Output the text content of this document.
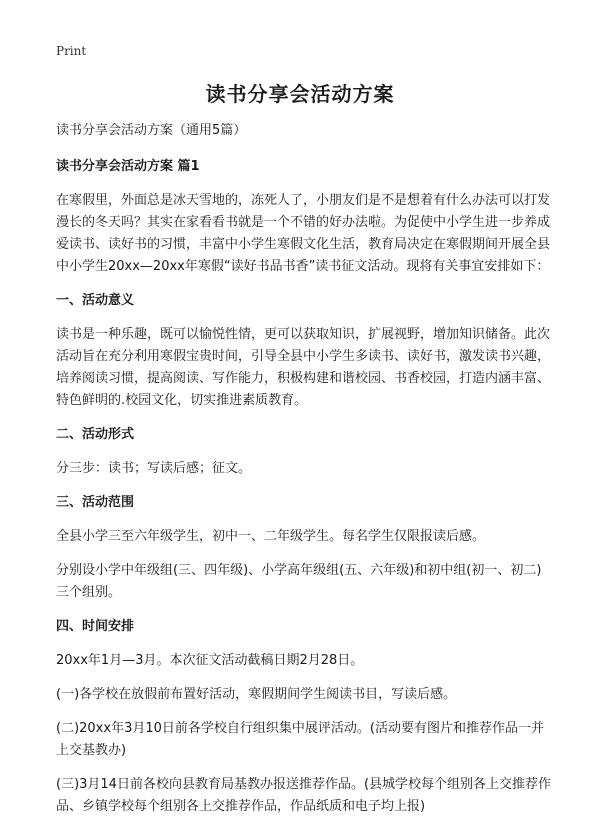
Print
读书分享会活动方案

读书分享会活动方案（通用5篇）

读书分享会活动方案 篇1

在寒假里，外面总是冰天雪地的，冻死人了，小朋友们是不是想着有什么办法可以打发漫长的冬天吗？其实在家看看书就是一个不错的好办法啦。为促使中小学生进一步养成爱读书、读好书的习惯，丰富中小学生寒假文化生活，教育局决定在寒假期间开展全县中小学生20xx—20xx年寒假“读好书品书香”读书征文活动。现将有关事宜安排如下：

一、活动意义

读书是一种乐趣，既可以愉悦性情，更可以获取知识，扩展视野，增加知识储备。此次活动旨在充分利用寒假宝贵时间，引导全县中小学生多读书、读好书，激发读书兴趣，培养阅读习惯，提高阅读、写作能力，积极构建和谐校园、书香校园，打造内涵丰富、特色鲜明的.校园文化，切实推进素质教育。

二、活动形式

分三步：读书；写读后感；征文。

三、活动范围

全县小学三至六年级学生，初中一、二年级学生。每名学生仅限报读后感。

分别设小学中年级组(三、四年级)、小学高年级组(五、六年级)和初中组(初一、初二)三个组别。

四、时间安排

20xx年1月—3月。本次征文活动截稿日期2月28日。

(一)各学校在放假前布置好活动，寒假期间学生阅读书目，写读后感。

(二)20xx年3月10日前各学校自行组织集中展评活动。(活动要有图片和推荐作品一并上交基教办)

(三)3月14日前各校向县教育局基教办报送推荐作品。(县城学校每个组别各上交推荐作品、乡镇学校每个组别各上交推荐作品，作品纸质和电子均上报)
